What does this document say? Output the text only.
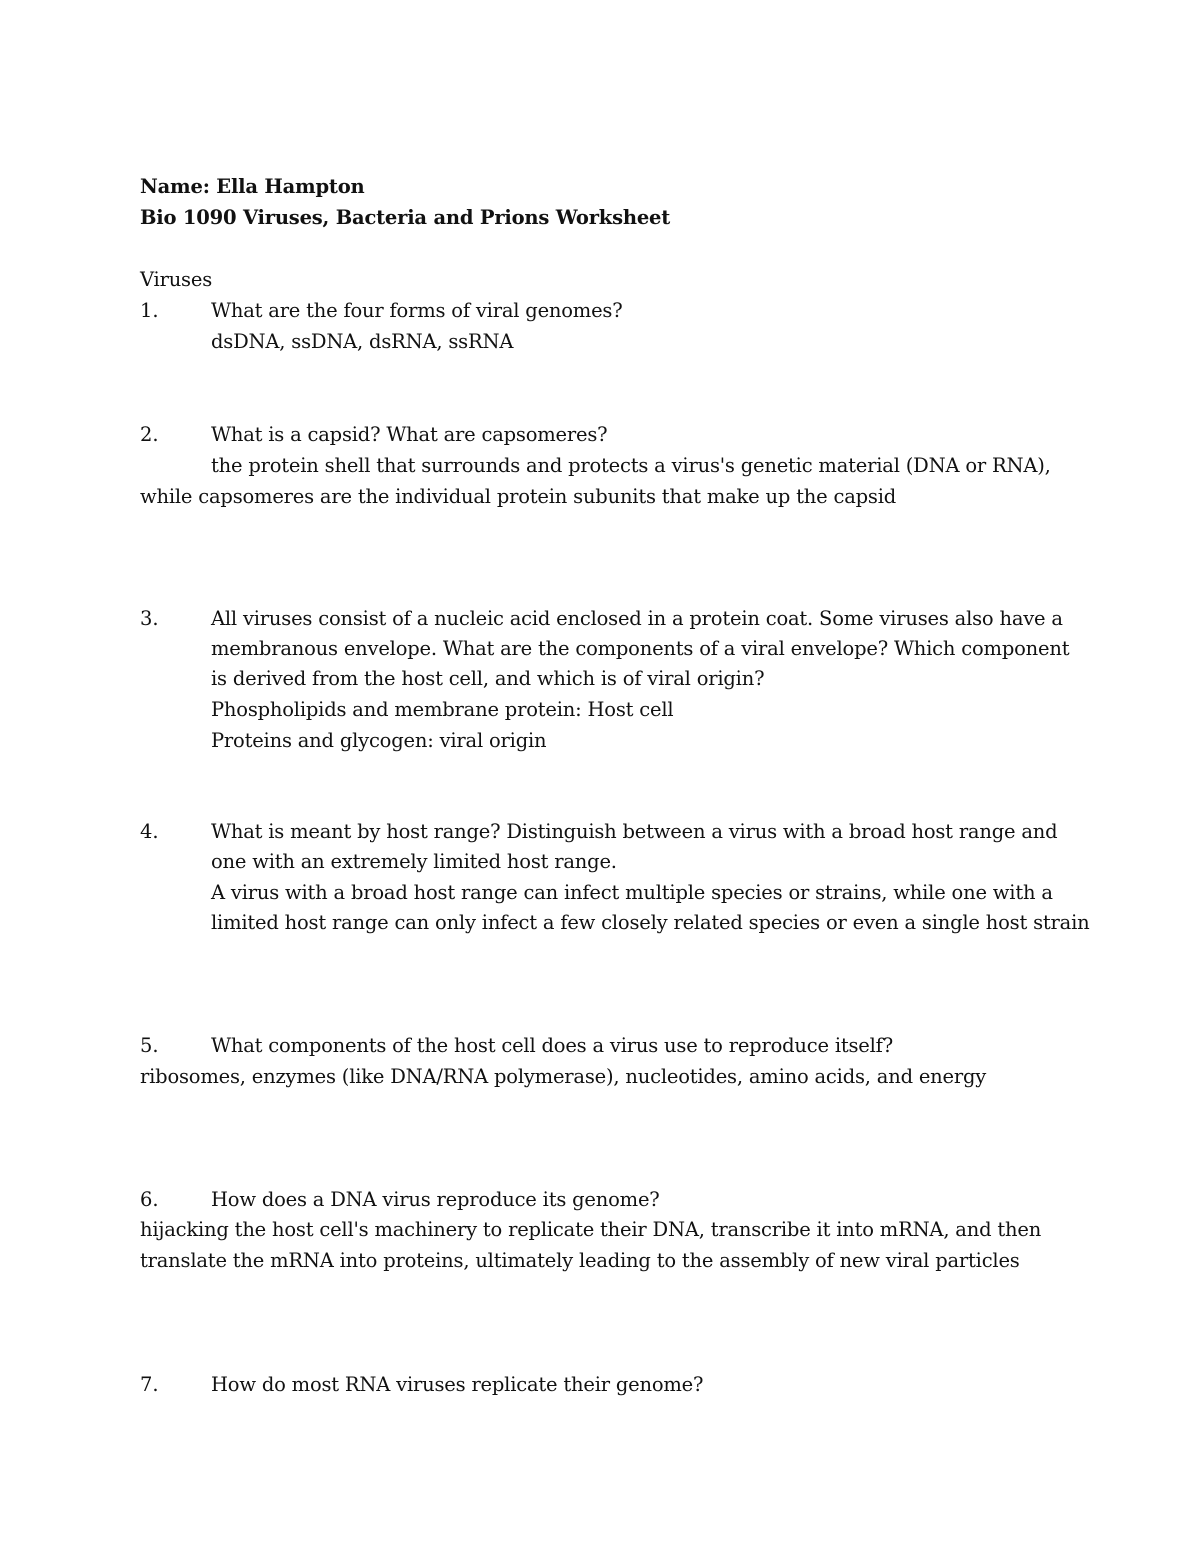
Name: Ella Hampton
Bio 1090 Viruses, Bacteria and Prions Worksheet
Viruses
1.	What are the four forms of viral genomes?
dsDNA, ssDNA, dsRNA, ssRNA
2.	What is a capsid? What are capsomeres?
the protein shell that surrounds and protects a virus's genetic material (DNA or RNA),
while capsomeres are the individual protein subunits that make up the capsid
3.	All viruses consist of a nucleic acid enclosed in a protein coat. Some viruses also have a
membranous envelope. What are the components of a viral envelope? Which component
is derived from the host cell, and which is of viral origin?
Phospholipids and membrane protein: Host cell
Proteins and glycogen: viral origin
4.	What is meant by host range? Distinguish between a virus with a broad host range and
one with an extremely limited host range.
A virus with a broad host range can infect multiple species or strains, while one with a
limited host range can only infect a few closely related species or even a single host strain
5.	What components of the host cell does a virus use to reproduce itself?
ribosomes, enzymes (like DNA/RNA polymerase), nucleotides, amino acids, and energy
6.	How does a DNA virus reproduce its genome?
hijacking the host cell's machinery to replicate their DNA, transcribe it into mRNA, and then
translate the mRNA into proteins, ultimately leading to the assembly of new viral particles
7.	How do most RNA viruses replicate their genome?
